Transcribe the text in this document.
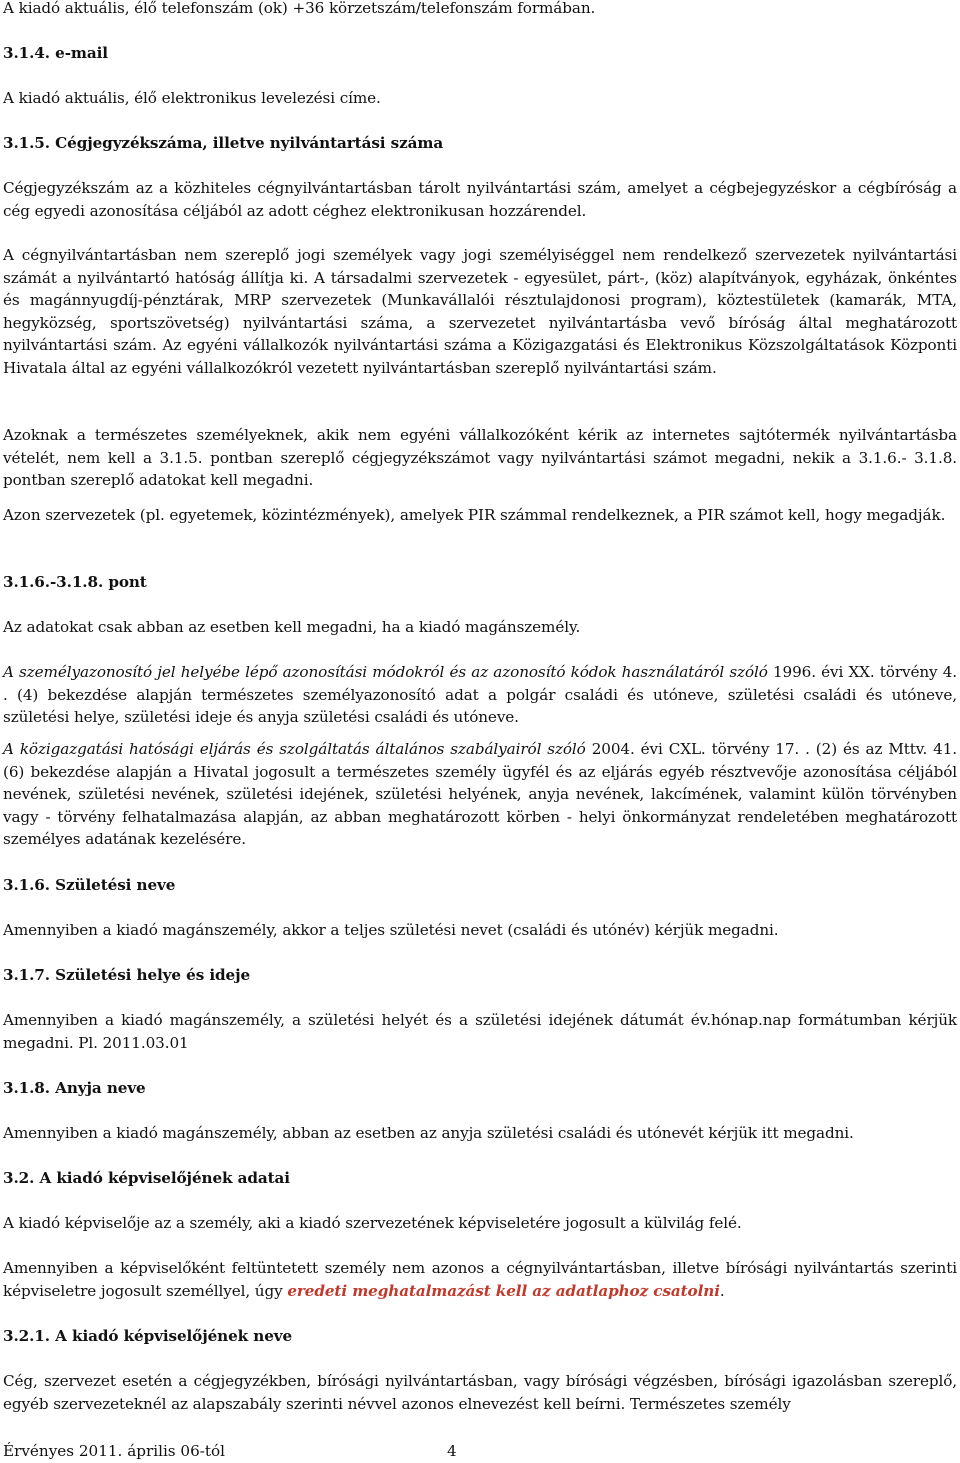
A kiadó aktuális, élő telefonszám (ok) +36 körzetszám/telefonszám formában.

3.1.4. e-mail

A kiadó aktuális, élő elektronikus levelezési címe.

3.1.5. Cégjegyzékszáma, illetve nyilvántartási száma

Cégjegyzékszám az a közhiteles cégnyilvántartásban tárolt nyilvántartási szám, amelyet a cégbejegyzéskor a cégbíróság a cég egyedi azonosítása céljából az adott céghez elektronikusan hozzárendel.

A cégnyilvántartásban nem szereplő jogi személyek vagy jogi személyiséggel nem rendelkező szervezetek nyilvántartási számát a nyilvántartó hatóság állítja ki. A társadalmi szervezetek - egyesület, párt-, (köz) alapítványok, egyházak, önkéntes és magánnyugdíj-pénztárak, MRP szervezetek (Munkavállalói résztulajdonosi program), köztestületek (kamarák, MTA, hegyközség, sportszövetség) nyilvántartási száma, a szervezetet nyilvántartásba vevő bíróság által meghatározott nyilvántartási szám. Az egyéni vállalkozók nyilvántartási száma a Közigazgatási és Elektronikus Közszolgáltatások Központi Hivatala által az egyéni vállalkozókról vezetett nyilvántartásban szereplő nyilvántartási szám.

Azoknak a természetes személyeknek, akik nem egyéni vállalkozóként kérik az internetes sajtótermék nyilvántartásba vételét, nem kell a 3.1.5. pontban szereplő cégjegyzékszámot vagy nyilvántartási számot megadni, nekik a 3.1.6.- 3.1.8. pontban szereplő adatokat kell megadni.

Azon szervezetek (pl. egyetemek, közintézmények), amelyek PIR számmal rendelkeznek, a PIR számot kell, hogy megadják.

3.1.6.-3.1.8. pont

Az adatokat csak abban az esetben kell megadni, ha a kiadó magánszemély.

A személyazonosító jel helyébe lépő azonosítási módokról és az azonosító kódok használatáról szóló 1996. évi XX. törvény 4. . (4) bekezdése alapján természetes személyazonosító adat a polgár családi és utóneve, születési családi és utóneve, születési helye, születési ideje és anyja születési családi és utóneve.

A közigazgatási hatósági eljárás és szolgáltatás általános szabályairól szóló 2004. évi CXL. törvény 17. . (2) és az Mttv. 41. (6) bekezdése alapján a Hivatal jogosult a természetes személy ügyfél és az eljárás egyéb résztvevője azonosítása céljából nevének, születési nevének, születési idejének, születési helyének, anyja nevének, lakcímének, valamint külön törvényben vagy - törvény felhatalmazása alapján, az abban meghatározott körben - helyi önkormányzat rendeletében meghatározott személyes adatának kezelésére.

3.1.6. Születési neve

Amennyiben a kiadó magánszemély, akkor a teljes születési nevet (családi és utónév) kérjük megadni.

3.1.7. Születési helye és ideje

Amennyiben a kiadó magánszemély, a születési helyét és a születési idejének dátumát év.hónap.nap formátumban kérjük megadni. Pl. 2011.03.01

3.1.8. Anyja neve

Amennyiben a kiadó magánszemély, abban az esetben az anyja születési családi és utónevét kérjük itt megadni.

3.2. A kiadó képviselőjének adatai

A kiadó képviselője az a személy, aki a kiadó szervezetének képviseletére jogosult a külvilág felé.

Amennyiben a képviselőként feltüntetett személy nem azonos a cégnyilvántartásban, illetve bírósági nyilvántartás szerinti képviseletre jogosult személlyel, úgy eredeti meghatalmazást kell az adatlaphoz csatolni.

3.2.1. A kiadó képviselőjének neve

Cég, szervezet esetén a cégjegyzékben, bírósági nyilvántartásban, vagy bírósági végzésben, bírósági igazolásban szereplő, egyéb szervezeteknél az alapszabály szerinti névvel azonos elnevezést kell beírni. Természetes személy

Érvényes 2011. április 06-tól	4
